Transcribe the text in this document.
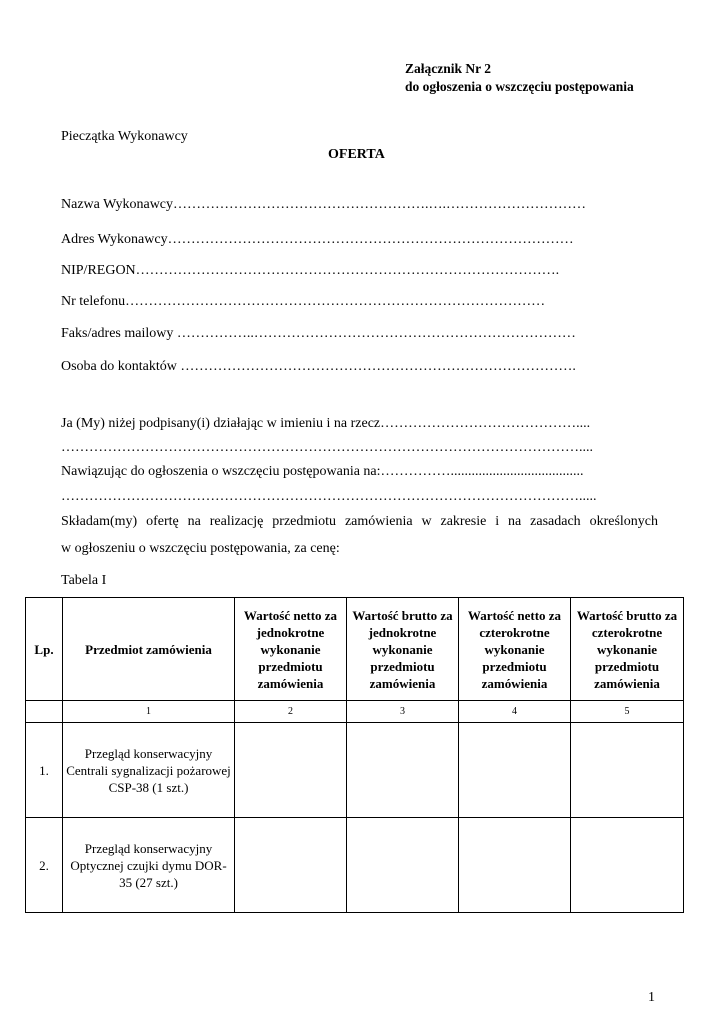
Załącznik Nr 2
do ogłoszenia o wszczęciu postępowania
Pieczątka Wykonawcy
OFERTA
Nazwa Wykonawcy……………………………………………….….…………………………
Adres Wykonawcy……………………………………………………………………………
NIP/REGON……………………………………………………………………………….
Nr telefonu………………………………………………………………………………
Faks/adres mailowy ……………..……………………………………………………………
Osoba do kontaktów ………………………………………………………………………….
Ja (My) niżej podpisany(i) działając w imieniu i na rzecz……………………………………....
…………………………………………………………………………………………………....
Nawiązując do ogłoszenia o wszczęciu postępowania na:……………......................................
………………………………………………………………………………………………….....
Składam(my) ofertę na realizację przedmiotu zamówienia w zakresie i na zasadach określonych
w ogłoszeniu o wszczęciu postępowania, za cenę:
Tabela I
Lp.	Przedmiot zamówienia	Wartość netto za jednokrotne wykonanie przedmiotu zamówienia	Wartość brutto za jednokrotne wykonanie przedmiotu zamówienia	Wartość netto za czterokrotne wykonanie przedmiotu zamówienia	Wartość brutto za czterokrotne wykonanie przedmiotu zamówienia
	1	2	3	4	5
1.	Przegląd konserwacyjny Centrali sygnalizacji pożarowej CSP-38 (1 szt.)				
2.	Przegląd konserwacyjny Optycznej czujki dymu DOR-35 (27 szt.)				
1
